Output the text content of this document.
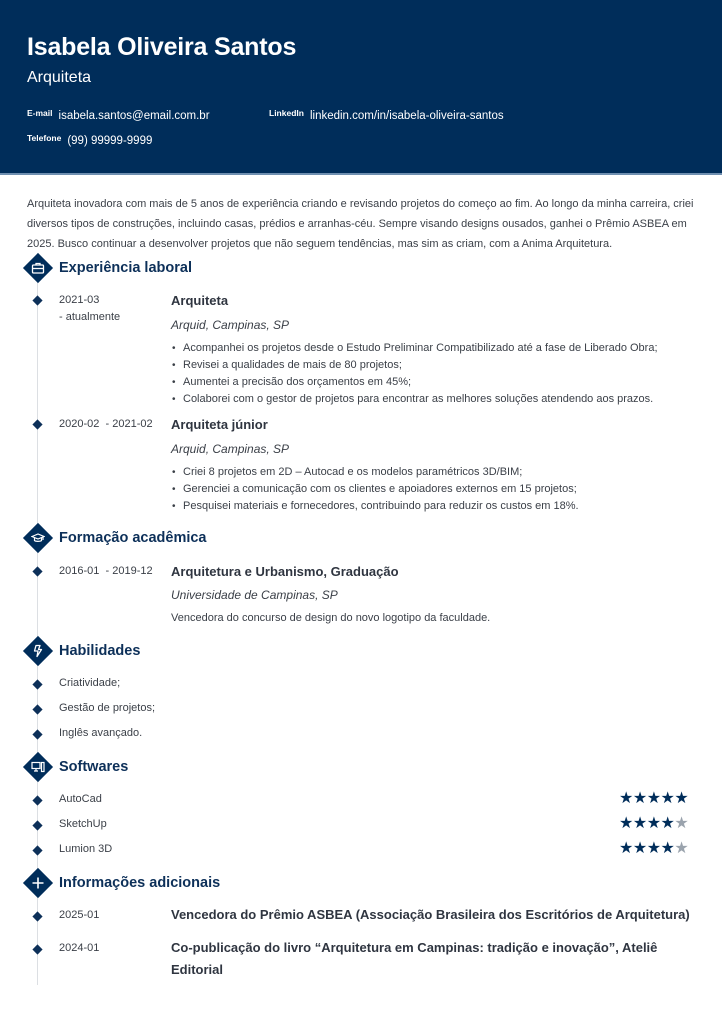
Isabela Oliveira Santos
Arquiteta
$^{E-mail}$ isabela.santos@email.com.br	$^{LinkedIn}$ linkedin.com/in/isabela-oliveira-santos
$^{Telefone}$ (99) 99999-9999
Arquiteta inovadora com mais de 5 anos de experiência criando e revisando projetos do começo ao fim. Ao longo da minha carreira, criei diversos tipos de construções, incluindo casas, prédios e arranhas-céu. Sempre visando designs ousados, ganhei o Prêmio ASBEA em 2025. Busco continuar a desenvolver projetos que não seguem tendências, mas sim as criam, com a Anima Arquitetura.
Experiência laboral
2021-03
- atualmente
Arquiteta
Arquid, Campinas, SP
• Acompanhei os projetos desde o Estudo Preliminar Compatibilizado até a fase de Liberado Obra;
• Revisei a qualidades de mais de 80 projetos;
• Aumentei a precisão dos orçamentos em 45%;
• Colaborei com o gestor de projetos para encontrar as melhores soluções atendendo aos prazos.
2020-02 - 2021-02 Arquiteta júnior
Arquid, Campinas, SP
• Criei 8 projetos em 2D – Autocad e os modelos paramétricos 3D/BIM;
• Gerenciei a comunicação com os clientes e apoiadores externos em 15 projetos;
• Pesquisei materiais e fornecedores, contribuindo para reduzir os custos em 18%.
Formação acadêmica
2016-01 - 2019-12 Arquitetura e Urbanismo, Graduação
Universidade de Campinas, SP
Vencedora do concurso de design do novo logotipo da faculdade.
Habilidades
Criatividade;
Gestão de projetos;
Inglês avançado.
Softwares
AutoCad	★★★★★
SketchUp	★★★★★
Lumion 3D	★★★★★
Informações adicionais
2025-01	Vencedora do Prêmio ASBEA (Associação Brasileira dos Escritórios de Arquitetura)
2024-01	Co-publicação do livro “Arquitetura em Campinas: tradição e inovação”, Ateliê Editorial
